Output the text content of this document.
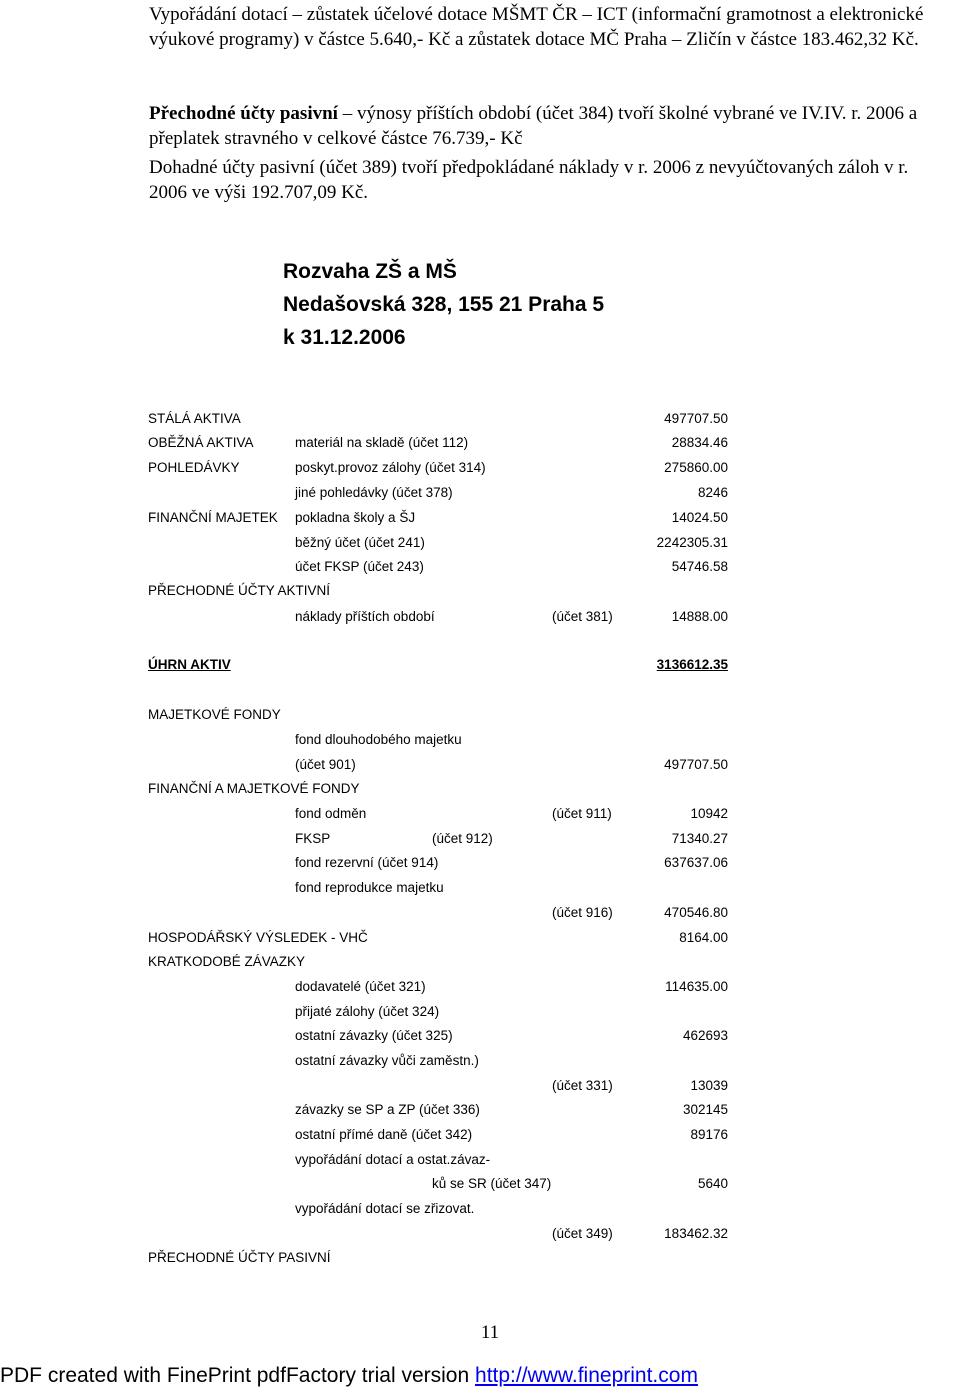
Vypořádání dotací – zůstatek účelové dotace MŠMT ČR – ICT (informační gramotnost a elektronické výukové programy) v částce 5.640,- Kč a zůstatek dotace MČ Praha – Zličín v částce 183.462,32 Kč.
Přechodné účty pasivní – výnosy příštích období (účet 384) tvoří školné vybrané ve IV.IV. r. 2006 a přeplatek stravného v celkové částce 76.739,- Kč
Dohadné účty pasivní (účet 389) tvoří předpokládané náklady v r. 2006 z nevyúčtovaných záloh v r. 2006 ve výši 192.707,09 Kč.
Rozvaha ZŠ a MŠ
Nedašovská 328, 155 21 Praha 5
k 31.12.2006
STÁLÁ AKTIVA	497707.50
OBĚŽNÁ AKTIVA	materiál na skladě (účet 112)	28834.46
POHLEDÁVKY	poskyt.provoz zálohy (účet 314)	275860.00
jiné pohledávky (účet 378)	8246
FINANČNÍ MAJETEK pokladna školy a ŠJ	14024.50
běžný účet (účet 241)	2242305.31
účet FKSP (účet 243)	54746.58
PŘECHODNÉ ÚČTY AKTIVNÍ
náklady příštích období	(účet 381)	14888.00
ÚHRN AKTIV	3136612.35
MAJETKOVÉ FONDY
fond dlouhodobého majetku
(účet 901)	497707.50
FINANČNÍ A MAJETKOVÉ FONDY
fond odměn	(účet 911)	10942
FKSP	(účet 912)	71340.27
fond rezervní (účet 914)	637637.06
fond reprodukce majetku
(účet 916)	470546.80
HOSPODÁŘSKÝ VÝSLEDEK - VHČ	8164.00
KRATKODOBÉ ZÁVAZKY
dodavatelé (účet 321)	114635.00
přijaté zálohy (účet 324)
ostatní závazky (účet 325)	462693
ostatní závazky vůči zaměstn.)
(účet 331)	13039
závazky se SP a ZP (účet 336)	302145
ostatní přímé daně (účet 342)	89176
vypořádání dotací a ostat.závaz-
ků se SR (účet 347)	5640
vypořádání dotací se zřizovat.
(účet 349)	183462.32
PŘECHODNÉ ÚČTY PASIVNÍ
11
PDF created with FinePrint pdfFactory trial version http://www.fineprint.com
